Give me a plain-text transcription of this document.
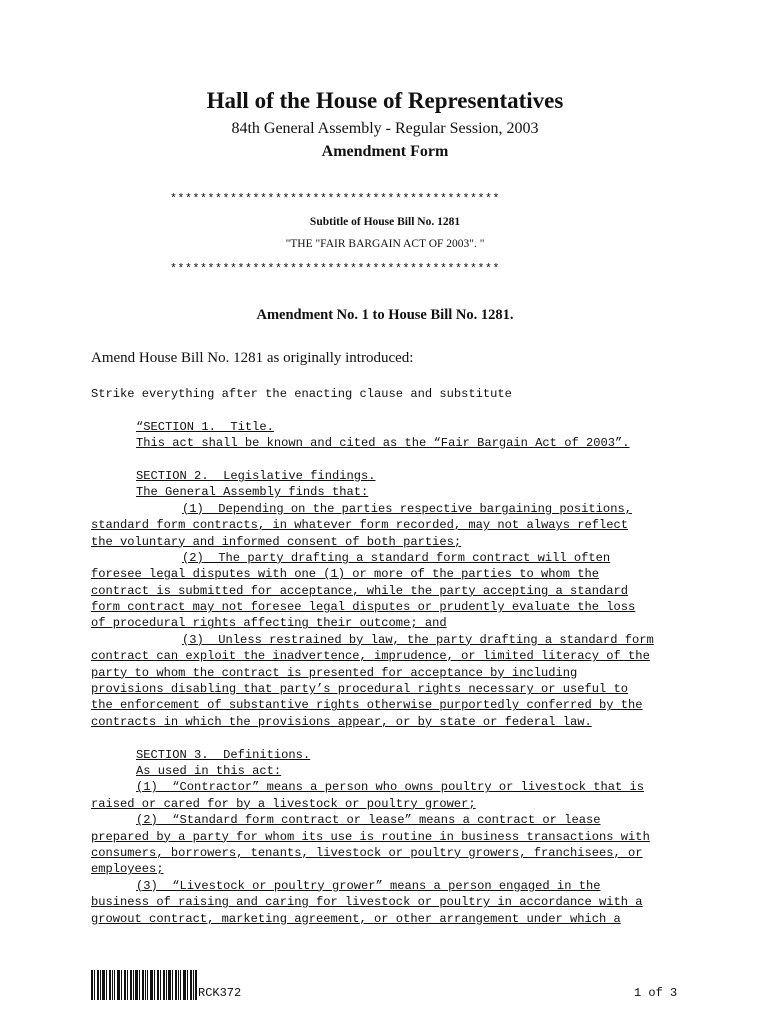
Hall of the House of Representatives
84th General Assembly - Regular Session, 2003
Amendment Form
********************************************
Subtitle of House Bill No. 1281
"THE "FAIR BARGAIN ACT OF 2003". "
********************************************
Amendment No. 1 to House Bill No. 1281.
Amend House Bill No. 1281 as originally introduced:
Strike everything after the enacting clause and substitute
“SECTION 1.  Title.
This act shall be known and cited as the “Fair Bargain Act of 2003”.
SECTION 2.  Legislative findings.
The General Assembly finds that:
(1)  Depending on the parties respective bargaining positions,
standard form contracts, in whatever form recorded, may not always reflect
the voluntary and informed consent of both parties;
(2)  The party drafting a standard form contract will often
foresee legal disputes with one (1) or more of the parties to whom the
contract is submitted for acceptance, while the party accepting a standard
form contract may not foresee legal disputes or prudently evaluate the loss
of procedural rights affecting their outcome; and
(3)  Unless restrained by law, the party drafting a standard form
contract can exploit the inadvertence, imprudence, or limited literacy of the
party to whom the contract is presented for acceptance by including
provisions disabling that party’s procedural rights necessary or useful to
the enforcement of substantive rights otherwise purportedly conferred by the
contracts in which the provisions appear, or by state or federal law.
SECTION 3.  Definitions.
As used in this act:
(1)  “Contractor” means a person who owns poultry or livestock that is
raised or cared for by a livestock or poultry grower;
(2)  “Standard form contract or lease” means a contract or lease
prepared by a party for whom its use is routine in business transactions with
consumers, borrowers, tenants, livestock or poultry growers, franchisees, or
employees;
(3)  “Livestock or poultry grower” means a person engaged in the
business of raising and caring for livestock or poultry in accordance with a
growout contract, marketing agreement, or other arrangement under which a
RCK372	1 of 3
